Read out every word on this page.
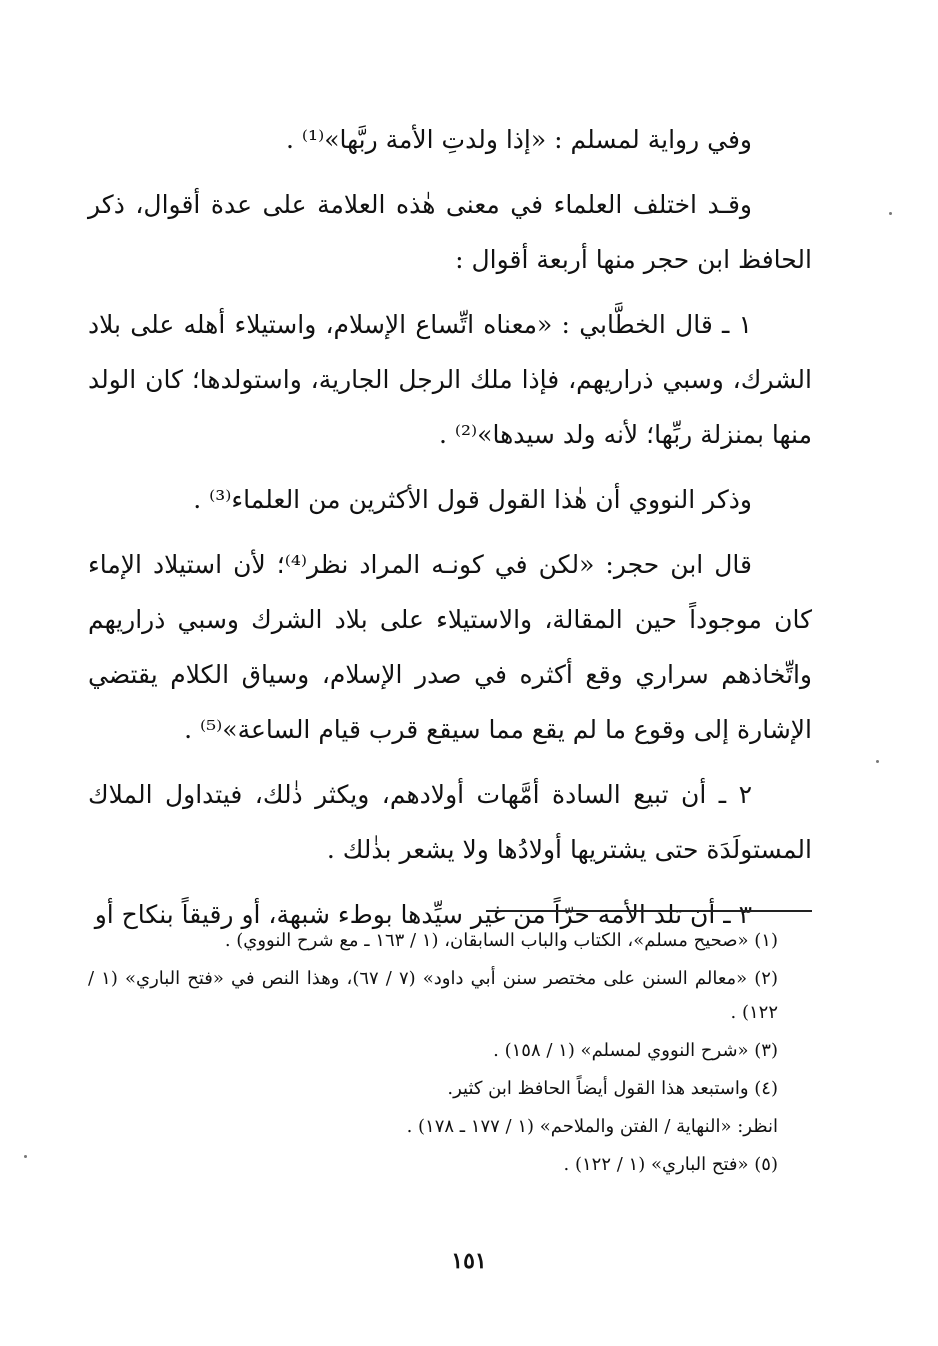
وفي رواية لمسلم : «إذا ولدتِ الأمة ربَّها»⁽¹⁾ .

وقـد اختلف العلماء في معنى هٰذه العلامة على عدة أقوال، ذكر الحافظ ابن حجر منها أربعة أقوال :

١ ـ قال الخطَّابي : «معناه اتِّساع الإسلام، واستيلاء أهله على بلاد الشرك، وسبي ذراريهم، فإذا ملك الرجل الجارية، واستولدها؛ كان الولد منها بمنزلة ربِّها؛ لأنه ولد سيدها»⁽²⁾ .

وذكر النووي أن هٰذا القول قول الأكثرين من العلماء⁽³⁾ .

قال ابن حجر: «لكن في كونـه المراد نظر⁽⁴⁾؛ لأن استيلاد الإماء كان موجوداً حين المقالة، والاستيلاء على بلاد الشرك وسبي ذراريهم واتِّخاذهم سراري وقع أكثره في صدر الإسلام، وسياق الكلام يقتضي الإشارة إلى وقوع ما لم يقع مما سيقع قرب قيام الساعة»⁽⁵⁾ .

٢ ـ أن تبيع السادة أمَّهات أولادهم، ويكثر ذٰلك، فيتداول الملاك المستولَدَة حتى يشتريها أولادُها ولا يشعر بذٰلك .

٣ ـ أن تلد الأمة حرّاً من غير سيِّدها بوطء شبهة، أو رقيقاً بنكاح أو

(١) «صحيح مسلم»، الكتاب والباب السابقان، (١ / ١٦٣ ـ مع شرح النووي) .

(٢) «معالم السنن على مختصر سنن أبي داود» (٧ / ٦٧)، وهذا النص في «فتح الباري» (١ / ١٢٢) .

(٣) «شرح النووي لمسلم» (١ / ١٥٨) .

(٤) واستبعد هذا القول أيضاً الحافظ ابن كثير.

انظر: «النهاية / الفتن والملاحم» (١ / ١٧٧ ـ ١٧٨) .

(٥) «فتح الباري» (١ / ١٢٢) .

١٥١
